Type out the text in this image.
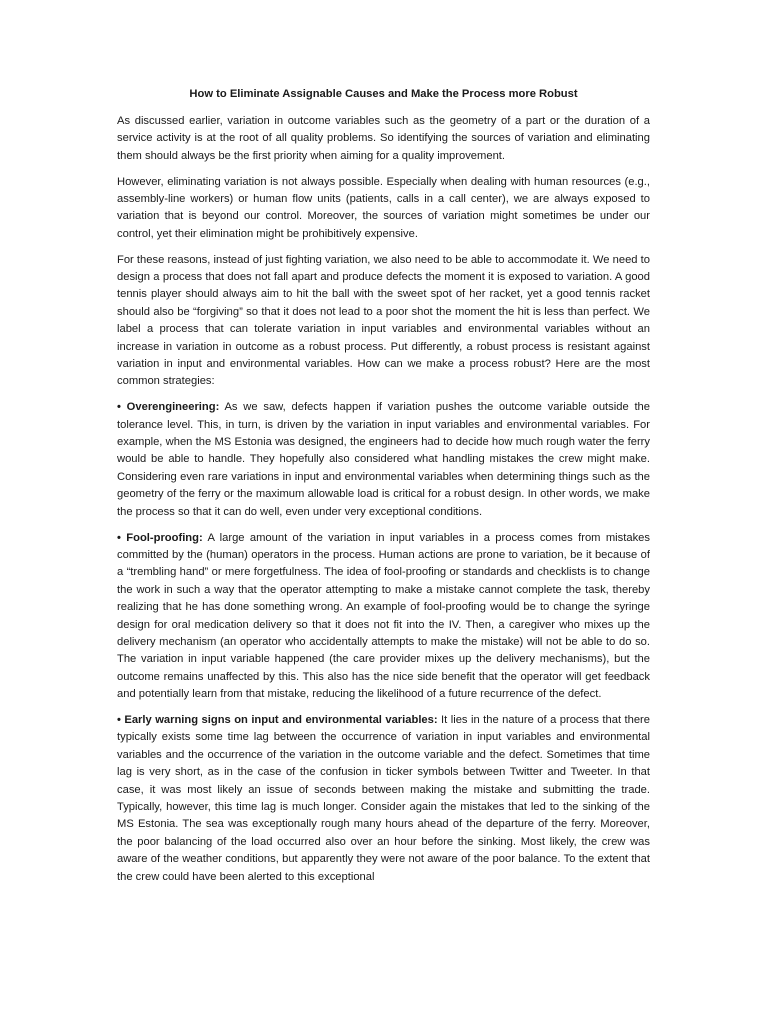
How to Eliminate Assignable Causes and Make the Process more Robust

As discussed earlier, variation in outcome variables such as the geometry of a part or the duration of a service activity is at the root of all quality problems. So identifying the sources of variation and eliminating them should always be the first priority when aiming for a quality improvement.

However, eliminating variation is not always possible. Especially when dealing with human resources (e.g., assembly-line workers) or human flow units (patients, calls in a call center), we are always exposed to variation that is beyond our control. Moreover, the sources of variation might sometimes be under our control, yet their elimination might be prohibitively expensive.

For these reasons, instead of just fighting variation, we also need to be able to accommodate it. We need to design a process that does not fall apart and produce defects the moment it is exposed to variation. A good tennis player should always aim to hit the ball with the sweet spot of her racket, yet a good tennis racket should also be “forgiving” so that it does not lead to a poor shot the moment the hit is less than perfect. We label a process that can tolerate variation in input variables and environmental variables without an increase in variation in outcome as a robust process. Put differently, a robust process is resistant against variation in input and environmental variables. How can we make a process robust? Here are the most common strategies:

• Overengineering: As we saw, defects happen if variation pushes the outcome variable outside the tolerance level. This, in turn, is driven by the variation in input variables and environmental variables. For example, when the MS Estonia was designed, the engineers had to decide how much rough water the ferry would be able to handle. They hopefully also considered what handling mistakes the crew might make. Considering even rare variations in input and environmental variables when determining things such as the geometry of the ferry or the maximum allowable load is critical for a robust design. In other words, we make the process so that it can do well, even under very exceptional conditions.

• Fool-proofing: A large amount of the variation in input variables in a process comes from mistakes committed by the (human) operators in the process. Human actions are prone to variation, be it because of a “trembling hand” or mere forgetfulness. The idea of fool-proofing or standards and checklists is to change the work in such a way that the operator attempting to make a mistake cannot complete the task, thereby realizing that he has done something wrong. An example of fool-proofing would be to change the syringe design for oral medication delivery so that it does not fit into the IV. Then, a caregiver who mixes up the delivery mechanism (an operator who accidentally attempts to make the mistake) will not be able to do so. The variation in input variable happened (the care provider mixes up the delivery mechanisms), but the outcome remains unaffected by this. This also has the nice side benefit that the operator will get feedback and potentially learn from that mistake, reducing the likelihood of a future recurrence of the defect.

• Early warning signs on input and environmental variables: It lies in the nature of a process that there typically exists some time lag between the occurrence of variation in input variables and environmental variables and the occurrence of the variation in the outcome variable and the defect. Sometimes that time lag is very short, as in the case of the confusion in ticker symbols between Twitter and Tweeter. In that case, it was most likely an issue of seconds between making the mistake and submitting the trade. Typically, however, this time lag is much longer. Consider again the mistakes that led to the sinking of the MS Estonia. The sea was exceptionally rough many hours ahead of the departure of the ferry. Moreover, the poor balancing of the load occurred also over an hour before the sinking. Most likely, the crew was aware of the weather conditions, but apparently they were not aware of the poor balance. To the extent that the crew could have been alerted to this exceptional
